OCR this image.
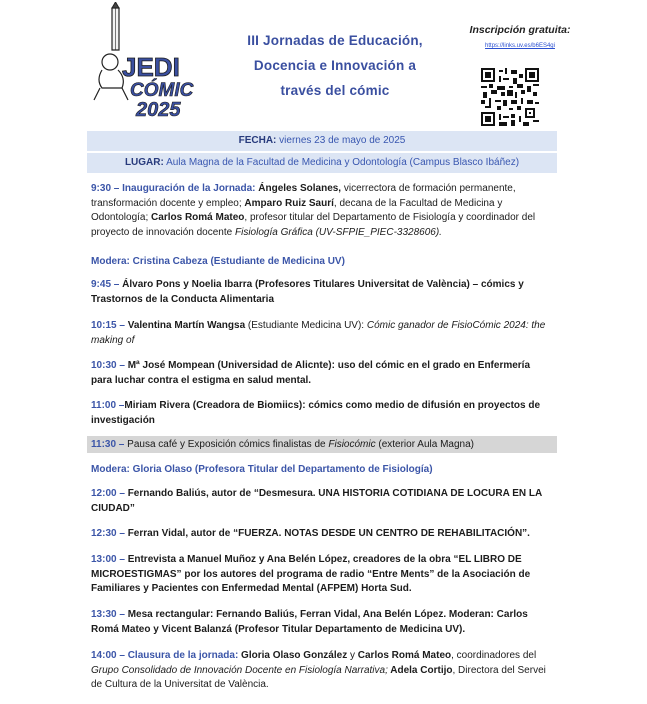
JEDI
CÓMIC
2025
III Jornadas de Educación,
Docencia e Innovación a
través del cómic
Inscripción gratuita:
https://links.uv.es/b6ES4gi
FECHA: viernes 23 de mayo de 2025
LUGAR: Aula Magna de la Facultad de Medicina y Odontología (Campus Blasco Ibáñez)
9:30 – Inauguración de la Jornada: Ángeles Solanes, vicerrectora de formación permanente, transformación docente y empleo; Amparo Ruiz Saurí, decana de la Facultad de Medicina y Odontología; Carlos Romá Mateo, profesor titular del Departamento de Fisiología y coordinador del proyecto de innovación docente Fisiología Gráfica (UV-SFPIE_PIEC-3328606).
Modera: Cristina Cabeza (Estudiante de Medicina UV)
9:45 – Álvaro Pons y Noelia Ibarra (Profesores Titulares Universitat de València) – cómics y Trastornos de la Conducta Alimentaria
10:15 – Valentina Martín Wangsa (Estudiante Medicina UV): Cómic ganador de FisioCómic 2024: the making of
10:30 – Mª José Mompean (Universidad de Alicnte): uso del cómic en el grado en Enfermería para luchar contra el estigma en salud mental.
11:00 –Miriam Rivera (Creadora de Biomiics): cómics como medio de difusión en proyectos de investigación
11:30 – Pausa café y Exposición cómics finalistas de Fisiocómic (exterior Aula Magna)
Modera: Gloria Olaso (Profesora Titular del Departamento de Fisiología)
12:00 – Fernando Baliús, autor de “Desmesura. UNA HISTORIA COTIDIANA DE LOCURA EN LA CIUDAD”
12:30 – Ferran Vidal, autor de “FUERZA. NOTAS DESDE UN CENTRO DE REHABILITACIÓN”.
13:00 – Entrevista a Manuel Muñoz y Ana Belén López, creadores de la obra “EL LIBRO DE MICROESTIGMAS” por los autores del programa de radio “Entre Ments” de la Asociación de Familiares y Pacientes con Enfermedad Mental (AFPEM) Horta Sud.
13:30 – Mesa rectangular: Fernando Baliús, Ferran Vidal, Ana Belén López. Moderan: Carlos Romá Mateo y Vicent Balanzá (Profesor Titular Departamento de Medicina UV).
14:00 – Clausura de la jornada: Gloria Olaso González y Carlos Romá Mateo, coordinadores del Grupo Consolidado de Innovación Docente en Fisiología Narrativa; Adela Cortijo, Directora del Servei de Cultura de la Universitat de València.
